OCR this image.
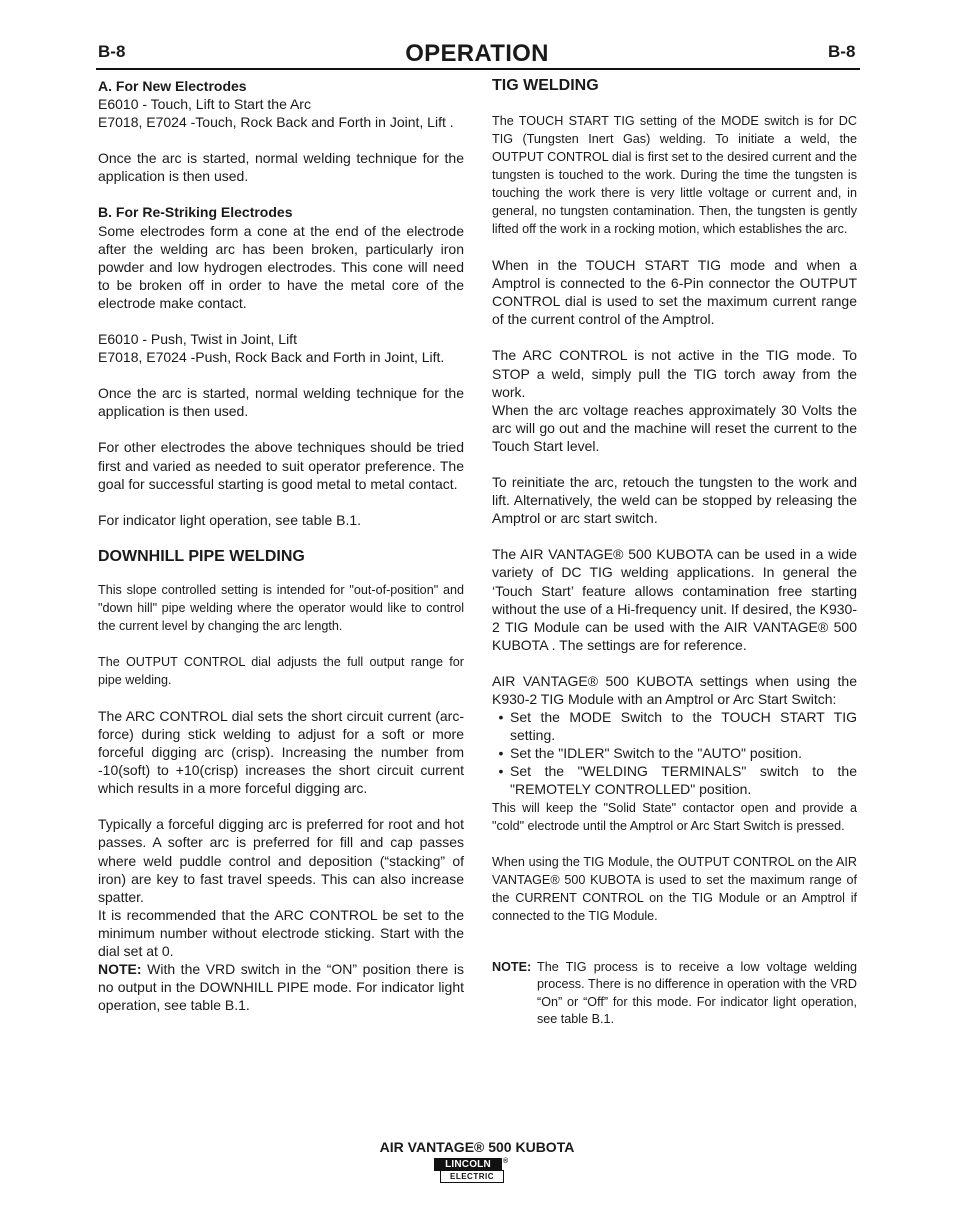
B-8	OPERATION	B-8
A. For New Electrodes

E6010 - Touch, Lift to Start the Arc

E7018, E7024 - Touch, Rock Back and Forth in Joint, Lift .

Once the arc is started, normal welding technique for the application is then used.

B. For Re-Striking Electrodes

Some electrodes form a cone at the end of the electrode after the welding arc has been broken, particularly iron powder and low hydrogen electrodes. This cone will need to be broken off in order to have the metal core of the electrode make contact.

E6010 - Push, Twist in Joint, Lift

E7018, E7024 - Push, Rock Back and Forth in Joint, Lift.

Once the arc is started, normal welding technique for the application is then used.

For other electrodes the above techniques should be tried first and varied as needed to suit operator preference. The goal for successful starting is good metal to metal contact.

For indicator light operation, see table B.1.

DOWNHILL PIPE WELDING

This slope controlled setting is intended for "out-of-position" and "down hill" pipe welding where the operator would like to control the current level by changing the arc length.

The OUTPUT CONTROL dial adjusts the full output range for pipe welding.

The ARC CONTROL dial sets the short circuit current (arc-force) during stick welding to adjust for a soft or more forceful digging arc (crisp). Increasing the number from -10(soft) to +10(crisp) increases the short circuit current which results in a more forceful digging arc.

Typically a forceful digging arc is preferred for root and hot passes. A softer arc is preferred for fill and cap passes where weld puddle control and deposition (“stacking” of iron) are key to fast travel speeds. This can also increase spatter.

It is recommended that the ARC CONTROL be set to the minimum number without electrode sticking. Start with the dial set at 0.

NOTE: With the VRD switch in the “ON” position there is no output in the DOWNHILL PIPE mode. For indicator light operation, see table B.1.

TIG WELDING

The TOUCH START TIG setting of the MODE switch is for DC TIG (Tungsten Inert Gas) welding. To initiate a weld, the OUTPUT CONTROL dial is first set to the desired current and the tungsten is touched to the work. During the time the tungsten is touching the work there is very little voltage or current and, in general, no tungsten contamination. Then, the tungsten is gently lifted off the work in a rocking motion, which establishes the arc.

When in the TOUCH START TIG mode and when a Amptrol is connected to the 6-Pin connector the OUTPUT CONTROL dial is used to set the maximum current range of the current control of the Amptrol.

The ARC CONTROL is not active in the TIG mode. To STOP a weld, simply pull the TIG torch away from the work.

When the arc voltage reaches approximately 30 Volts the arc will go out and the machine will reset the current to the Touch Start level.

To reinitiate the arc, retouch the tungsten to the work and lift. Alternatively, the weld can be stopped by releasing the Amptrol or arc start switch.

The AIR VANTAGE® 500 KUBOTA can be used in a wide variety of DC TIG welding applications. In general the ‘Touch Start’ feature allows contamination free starting without the use of a Hi-frequency unit. If desired, the K930-2 TIG Module can be used with the AIR VANTAGE® 500 KUBOTA . The settings are for reference.

AIR VANTAGE® 500 KUBOTA settings when using the K930-2 TIG Module with an Amptrol or Arc Start Switch:

• Set the MODE Switch to the TOUCH START TIG setting.
• Set the "IDLER" Switch to the "AUTO" position.
• Set the "WELDING TERMINALS" switch to the "REMOTELY CONTROLLED" position.

This will keep the "Solid State" contactor open and provide a "cold" electrode until the Amptrol or Arc Start Switch is pressed.

When using the TIG Module, the OUTPUT CONTROL on the AIR VANTAGE® 500 KUBOTA is used to set the maximum range of the CURRENT CONTROL on the TIG Module or an Amptrol if connected to the TIG Module.

NOTE: The TIG process is to receive a low voltage welding process. There is no difference in operation with the VRD “On” or “Off” for this mode. For indicator light operation, see table B.1.
AIR VANTAGE® 500 KUBOTA
LINCOLN	®
ELECTRIC
